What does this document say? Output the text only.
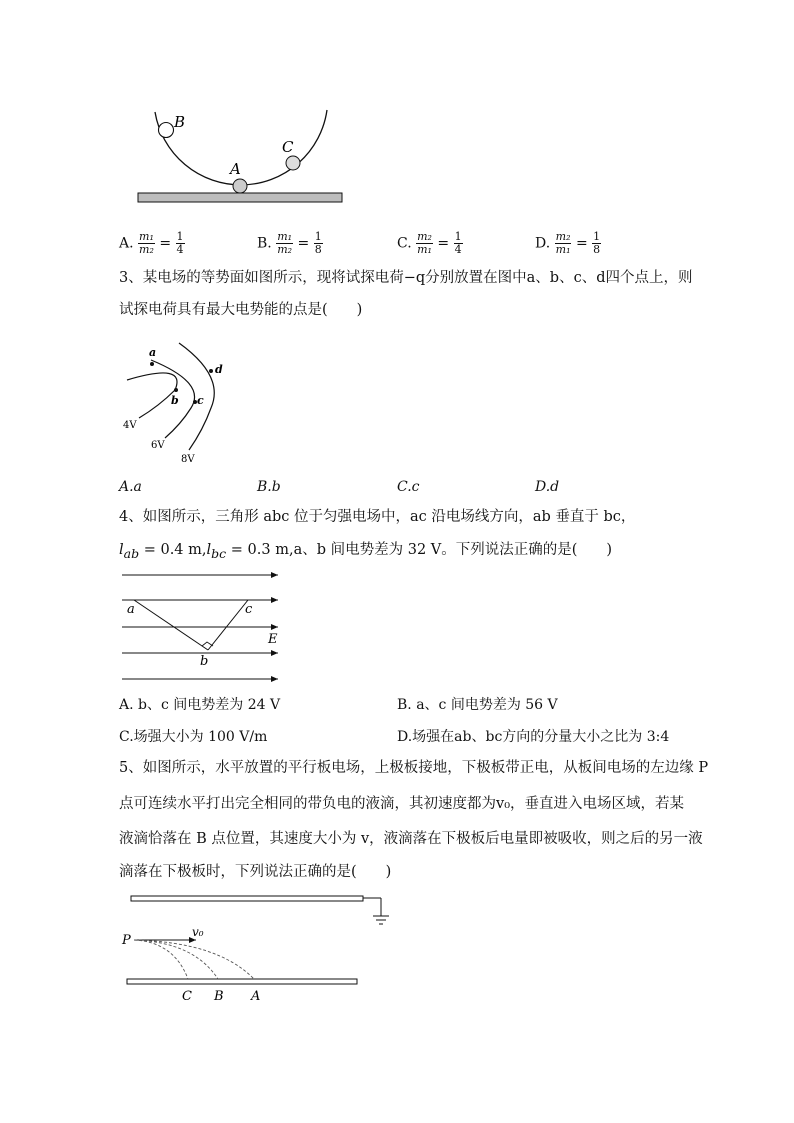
B
C
A
A. $\frac{\text{m₁}}{\text{m₂}} = \frac{1}{4}$	B. $\frac{\text{m₁}}{\text{m₂}} = \frac{1}{8}$	C. $\frac{\text{m₂}}{\text{m₁}} = \frac{1}{4}$	D. $\frac{\text{m₂}}{\text{m₁}} = \frac{1}{8}$
3、某电场的等势面如图所示，现将试探电荷−q分别放置在图中a、b、c、d四个点上，则
试探电荷具有最大电势能的点是(　　)
a
b c
d
4V
6V
8V
A.a	B.b	C.c	D.d
4、如图所示，三角形 abc 位于匀强电场中，ac 沿电场线方向，ab 垂直于 bc，
$l_{ab} = 0.4$ $m,l_{bc} = 0.3$ m,a、b 间电势差为 32 V。下列说法正确的是(　　)
a	c
b
E
A. b、c 间电势差为 24 V	B. a、c 间电势差为 56 V
C.场强大小为 100 V/m	D.场强在ab、bc方向的分量大小之比为 3:4
5、如图所示，水平放置的平行板电场，上极板接地，下极板带正电，从板间电场的左边缘 P
点可连续水平打出完全相同的带负电的液滴，其初速度都为v₀，垂直进入电场区域，若某
液滴恰落在 B 点位置，其速度大小为 v，液滴落在下极板后电量即被吸收，则之后的另一液
滴落在下极板时，下列说法正确的是(　　)
P
v₀
C B A
